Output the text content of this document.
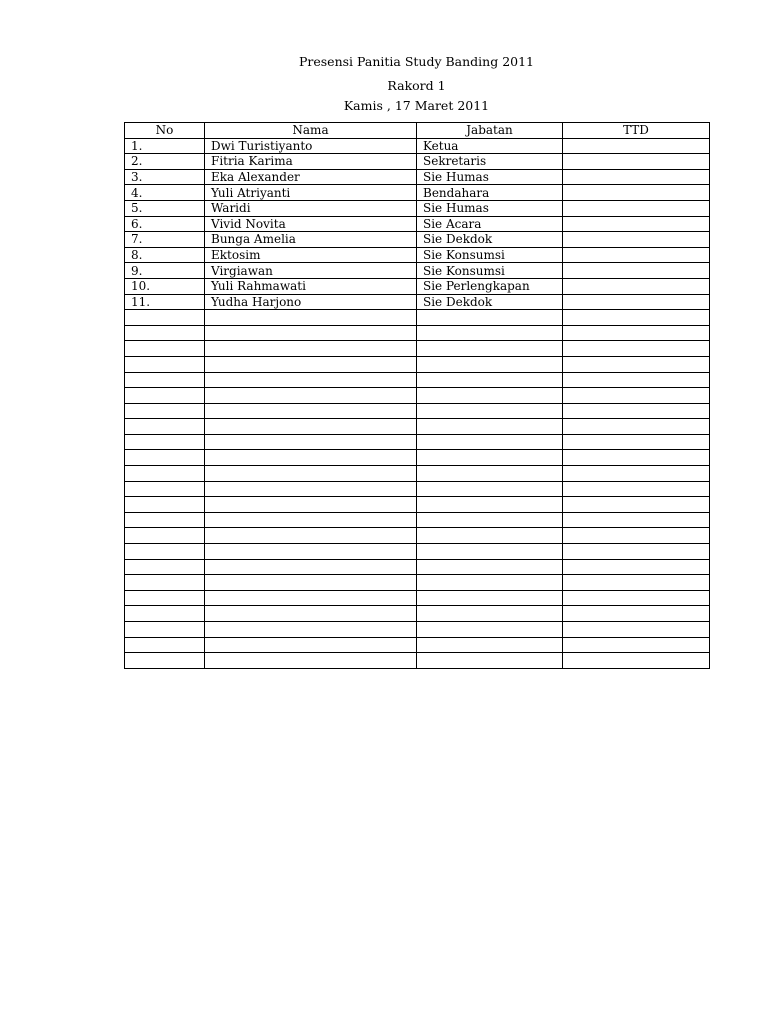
Presensi Panitia Study Banding 2011
Rakord 1
Kamis , 17 Maret 2011
No	Nama	Jabatan	TTD
1.	Dwi Turistiyanto	Ketua	
2.	Fitria Karima	Sekretaris	
3.	Eka Alexander	Sie Humas	
4.	Yuli Atriyanti	Bendahara	
5.	Waridi	Sie Humas	
6.	Vivid Novita	Sie Acara	
7.	Bunga Amelia	Sie Dekdok	
8.	Ektosim	Sie Konsumsi	
9.	Virgiawan	Sie Konsumsi	
10.	Yuli Rahmawati	Sie Perlengkapan	
11.	Yudha Harjono	Sie Dekdok	
